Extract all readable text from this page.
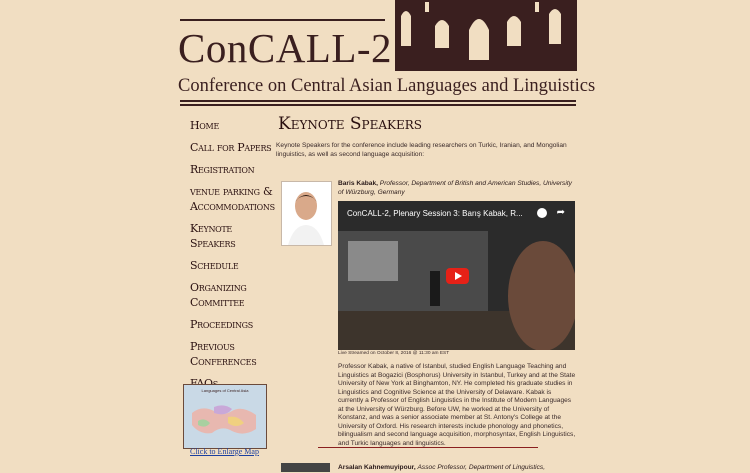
ConCALL-2
Conference on Central Asian Languages and Linguistics
Home
Call for Papers
Registration
venue parking & Accommodations
Keynote Speakers
Schedule
Organizing Committee
Proceedings
Previous Conferences
Languages of Central Asia
Click to Enlarge Map
Keynote Speakers
Keynote Speakers for the conference include leading researchers on Turkic, Iranian, and Mongolian linguistics, as well as second language acquisition:
Baris Kabak, Professor, Department of British and American Studies, University of Würzburg, Germany
ConCALL-2, Plenary Session 3: Barış Kabak, R...	➦
Live Streamed on October 8, 2016 @ 11:30 am EST
Professor Kabak, a native of Istanbul, studied English Language Teaching and Linguistics at Bogazici (Bosphorus) University in Istanbul, Turkey and at the State University of New York at Binghamton, NY. He completed his graduate studies in Linguistics and Cognitive Science at the University of Delaware. Kabak is currently a Professor of English Linguistics in the Institute of Modern Languages at the University of Würzburg. Before UW, he worked at the University of Konstanz, and was a senior associate member at St. Antony's College at the University of Oxford. His research interests include phonology and phonetics, bilingualism and second language acquisition, morphosyntax, English Linguistics, and Turkic languages and linguistics.
Arsalan Kahnemuyipour, Assoc Professor, Department of Linguistics,
